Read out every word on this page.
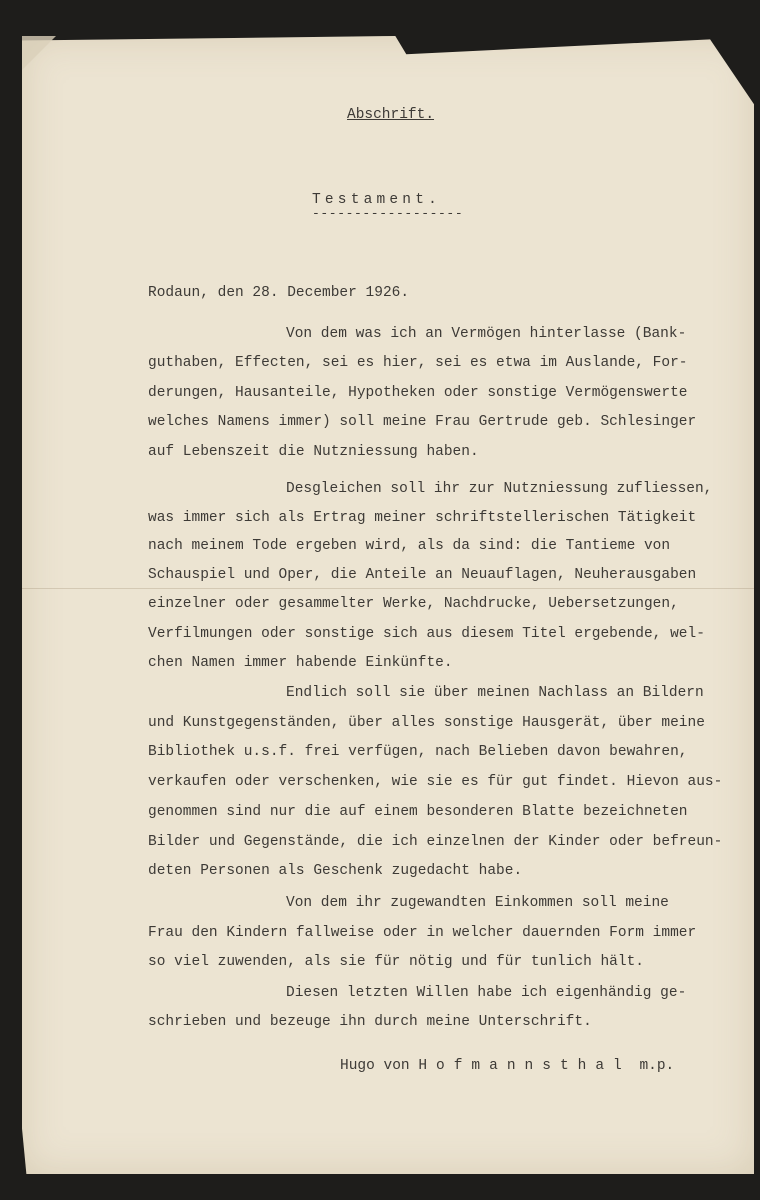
Abschrift.
Testament.
------------------
Rodaun, den 28. December 1926.
Von dem was ich an Vermögen hinterlasse (Bank-
guthaben, Effecten, sei es hier, sei es etwa im Auslande, For-
derungen, Hausanteile, Hypotheken oder sonstige Vermögenswerte
welches Namens immer) soll meine Frau Gertrude geb. Schlesinger
auf Lebenszeit die Nutzniessung haben.
Desgleichen soll ihr zur Nutzniessung zufliessen,
was immer sich als Ertrag meiner schriftstellerischen Tätigkeit
nach meinem Tode ergeben wird, als da sind: die Tantieme von
Schauspiel und Oper, die Anteile an Neuauflagen, Neuherausgaben
einzelner oder gesammelter Werke, Nachdrucke, Uebersetzungen,
Verfilmungen oder sonstige sich aus diesem Titel ergebende, wel-
chen Namen immer habende Einkünfte.
Endlich soll sie über meinen Nachlass an Bildern
und Kunstgegenständen, über alles sonstige Hausgerät, über meine
Bibliothek u.s.f. frei verfügen, nach Belieben davon bewahren,
verkaufen oder verschenken, wie sie es für gut findet. Hievon aus-
genommen sind nur die auf einem besonderen Blatte bezeichneten
Bilder und Gegenstände, die ich einzelnen der Kinder oder befreun-
deten Personen als Geschenk zugedacht habe.
Von dem ihr zugewandten Einkommen soll meine
Frau den Kindern fallweise oder in welcher dauernden Form immer
so viel zuwenden, als sie für nötig und für tunlich hält.
Diesen letzten Willen habe ich eigenhändig ge-
schrieben und bezeuge ihn durch meine Unterschrift.
Hugo von Hofmannsthal m.p.
